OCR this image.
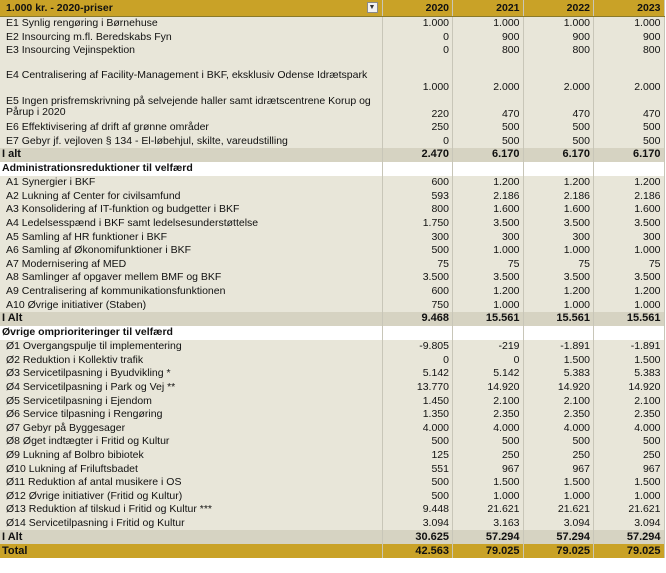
1.000 kr. - 2020-priser ▼	2020	2021	2022	2023
E1 Synlig rengøring i Børnehuse	1.000	1.000	1.000	1.000
E2 Insourcing m.fl. Beredskabs Fyn	0	900	900	900
E3 Insourcing Vejinspektion	0	800	800	800
E4 Centralisering af Facility-Management i BKF, eksklusiv Odense Idrætspark	1.000	2.000	2.000	2.000
E5 Ingen prisfremskrivning på selvejende haller samt idrætscentrene Korup og Pårup i 2020	220	470	470	470
E6 Effektivisering af drift af grønne områder	250	500	500	500
E7 Gebyr jf. vejloven § 134 - El-løbehjul, skilte, vareudstilling	0	500	500	500
I alt	2.470	6.170	6.170	6.170
Administrationsreduktioner til velfærd				
A1 Synergier i BKF	600	1.200	1.200	1.200
A2 Lukning af Center for civilsamfund	593	2.186	2.186	2.186
A3 Konsolidering af IT-funktion og budgetter i BKF	800	1.600	1.600	1.600
A4 Ledelsesspænd i BKF samt ledelsesunderstøttelse	1.750	3.500	3.500	3.500
A5 Samling af HR funktioner i BKF	300	300	300	300
A6 Samling af Økonomifunktioner i BKF	500	1.000	1.000	1.000
A7 Modernisering af MED	75	75	75	75
A8 Samlinger af opgaver mellem BMF og BKF	3.500	3.500	3.500	3.500
A9 Centralisering af kommunikationsfunktionen	600	1.200	1.200	1.200
A10 Øvrige initiativer (Staben)	750	1.000	1.000	1.000
I Alt	9.468	15.561	15.561	15.561
Øvrige omprioriteringer til velfærd				
Ø1 Overgangspulje til implementering	-9.805	-219	-1.891	-1.891
Ø2 Reduktion i Kollektiv trafik	0	0	1.500	1.500
Ø3 Servicetilpasning i Byudvikling *	5.142	5.142	5.383	5.383
Ø4 Servicetilpasning i Park og Vej **	13.770	14.920	14.920	14.920
Ø5 Servicetilpasning i Ejendom	1.450	2.100	2.100	2.100
Ø6 Service tilpasning i Rengøring	1.350	2.350	2.350	2.350
Ø7 Gebyr på Byggesager	4.000	4.000	4.000	4.000
Ø8 Øget indtægter i Fritid og Kultur	500	500	500	500
Ø9 Lukning af Bolbro bibiotek	125	250	250	250
Ø10 Lukning af Friluftsbadet	551	967	967	967
Ø11 Reduktion af antal musikere i OS	500	1.500	1.500	1.500
Ø12 Øvrige initiativer (Fritid og Kultur)	500	1.000	1.000	1.000
Ø13 Reduktion af tilskud i Fritid og Kultur ***	9.448	21.621	21.621	21.621
Ø14 Servicetilpasning i Fritid og Kultur	3.094	3.163	3.094	3.094
I Alt	30.625	57.294	57.294	57.294
Total	42.563	79.025	79.025	79.025
